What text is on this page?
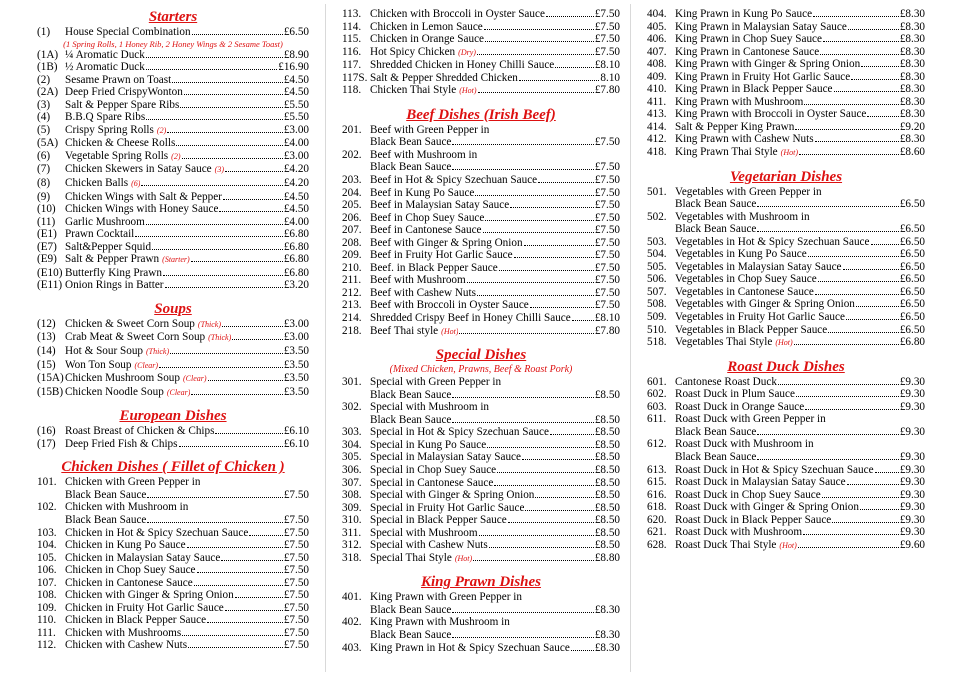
Starters
(1)	House Special Combination	£6.50
(1 Spring Rolls, 1 Honey Rib, 2 Honey Wings & 2 Sesame Toast)
(1A) ¼ Aromatic Duck	£8.90
(1B) ½ Aromatic Duck	£16.90
(2)	Sesame Prawn on Toast	£4.50
(2A) Deep Fried CrispyWonton	£4.50
(3)	Salt & Pepper Spare Ribs	£5.50
(4)	B.B.Q Spare Ribs	£5.50
(5)	Crispy Spring Rolls (2)	£3.00
(5A) Chicken & Cheese Rolls	£4.00
(6)	Vegetable Spring Rolls (2)	£3.00
(7)	Chicken Skewers in Satay Sauce (3)	£4.20
(8)	Chicken Balls (6)	£4.20
(9)	Chicken Wings with Salt & Pepper	£4.50
(10) Chicken Wings with Honey Sauce	£4.50
(11) Garlic Mushroom	£4.00
(E1) Prawn Cocktail	£6.80
(E7) Salt&Pepper Squid	£6.80
(E9) Salt & Pepper Prawn (Starter)	£6.80
(E10) Butterfly King Prawn	£6.80
(E11) Onion Rings in Batter	£3.20
Soups
(12) Chicken & Sweet Corn Soup (Thick)	£3.00
(13) Crab Meat & Sweet Corn Soup (Thick)	£3.00
(14) Hot & Sour Soup (Thick)	£3.50
(15) Won Ton Soup (Clear)	£3.50
(15A) Chicken Mushroom Soup (Clear)	£3.50
(15B) Chicken Noodle Soup (Clear)	£3.50
European Dishes
(16) Roast Breast of Chicken & Chips	£6.10
(17) Deep Fried Fish & Chips	£6.10
Chicken Dishes ( Fillet of Chicken )
101. Chicken with Green Pepper in
Black Bean Sauce	£7.50
102. Chicken with Mushroom in
Black Bean Sauce	£7.50
103. Chicken in Hot & Spicy Szechuan Sauce	£7.50
104. Chicken in Kung Po Sauce	£7.50
105. Chicken in Malaysian Satay Sauce	£7.50
106. Chicken in Chop Suey Sauce	£7.50
107. Chicken in Cantonese Sauce	£7.50
108. Chicken with Ginger & Spring Onion	£7.50
109. Chicken in Fruity Hot Garlic Sauce	£7.50
110. Chicken in Black Pepper Sauce	£7.50
111. Chicken with Mushrooms	£7.50
112. Chicken with Cashew Nuts	£7.50
113. Chicken with Broccoli in Oyster Sauce	£7.50
114. Chicken in Lemon Sauce	£7.50
115. Chicken in Orange Sauce	£7.50
116. Hot Spicy Chicken (Dry)	£7.50
117. Shredded Chicken in Honey Chilli Sauce	£8.10
117S. Salt & Pepper Shredded Chicken	8.10
118. Chicken Thai Style (Hot)	£7.80
Beef Dishes (Irish Beef)
201. Beef with Green Pepper in
Black Bean Sauce	£7.50
202. Beef with Mushroom in
Black Bean Sauce	£7.50
203. Beef in Hot & Spicy Szechuan Sauce	£7.50
204. Beef in Kung Po Sauce	£7.50
205. Beef in Malaysian Satay Sauce	£7.50
206. Beef in Chop Suey Sauce	£7.50
207. Beef in Cantonese Sauce	£7.50
208. Beef with Ginger & Spring Onion	£7.50
209. Beef in Fruity Hot Garlic Sauce	£7.50
210. Beef. in Black Pepper Sauce	£7.50
211. Beef with Mushroom	£7.50
212. Beef with Cashew Nuts	£7.50
213. Beef with Broccoli in Oyster Sauce	£7.50
214. Shredded Crispy Beef in Honey Chilli Sauce £8.10
218. Beef Thai style (Hot)	£7.80
Special Dishes
(Mixed Chicken, Prawns, Beef & Roast Pork)
301. Special with Green Pepper in
Black Bean Sauce	£8.50
302. Special with Mushroom in
Black Bean Sauce	£8.50
303. Special in Hot & Spicy Szechuan Sauce	£8.50
304. Special in Kung Po Sauce	£8.50
305. Special in Malaysian Satay Sauce	£8.50
306. Special in Chop Suey Sauce	£8.50
307. Special in Cantonese Sauce	£8.50
308. Special with Ginger & Spring Onion	£8.50
309. Special in Fruity Hot Garlic Sauce	£8.50
310. Special in Black Pepper Sauce	£8.50
311. Special with Mushroom	£8.50
312. Special with Cashew Nuts	£8.50
318. Special Thai Style (Hot)	£8.80
King Prawn Dishes
401. King Prawn with Green Pepper in
Black Bean Sauce	£8.30
402. King Prawn with Mushroom in
Black Bean Sauce	£8.30
403. King Prawn in Hot & Spicy Szechuan Sauce £8.30
404. King Prawn in Kung Po Sauce	£8.30
405. King Prawn in Malaysian Satay Sauce	£8.30
406. King Prawn in Chop Suey Sauce	£8.30
407. King Prawn in Cantonese Sauce	£8.30
408. King Prawn with Ginger & Spring Onion	£8.30
409. King Prawn in Fruity Hot Garlic Sauce	£8.30
410. King Prawn in Black Pepper Sauce	£8.30
411. King Prawn with Mushroom	£8.30
413. King Prawn with Broccoli in Oyster Sauce	£8.30
414. Salt & Pepper King Prawn	£9.20
412. King Prawn with Cashew Nuts	£8.30
418. King Prawn Thai Style (Hot)	£8.60
Vegetarian Dishes
501. Vegetables with Green Pepper in
Black Bean Sauce	£6.50
502. Vegetables with Mushroom in
Black Bean Sauce	£6.50
503. Vegetables in Hot & Spicy Szechuan Sauce	£6.50
504. Vegetables in Kung Po Sauce	£6.50
505. Vegetables in Malaysian Satay Sauce	£6.50
506. Vegetables in Chop Suey Sauce	£6.50
507. Vegetables in Cantonese Sauce	£6.50
508. Vegetables with Ginger & Spring Onion	£6.50
509. Vegetables in Fruity Hot Garlic Sauce	£6.50
510. Vegetables in Black Pepper Sauce	£6.50
518. Vegetables Thai Style (Hot)	£6.80
Roast Duck Dishes
601. Cantonese Roast Duck	£9.30
602. Roast Duck in Plum Sauce	£9.30
603. Roast Duck in Orange Sauce	£9.30
611. Roast Duck with Green Pepper in
Black Bean Sauce	£9.30
612. Roast Duck with Mushroom in
Black Bean Sauce	£9.30
613. Roast Duck in Hot & Spicy Szechuan Sauce £9.30
615. Roast Duck in Malaysian Satay Sauce	£9.30
616. Roast Duck in Chop Suey Sauce	£9.30
618. Roast Duck with Ginger & Spring Onion	£9.30
620. Roast Duck in Black Pepper Sauce	£9.30
621. Roast Duck with Mushroom	£9.30
628. Roast Duck Thai Style (Hot)	£9.60
